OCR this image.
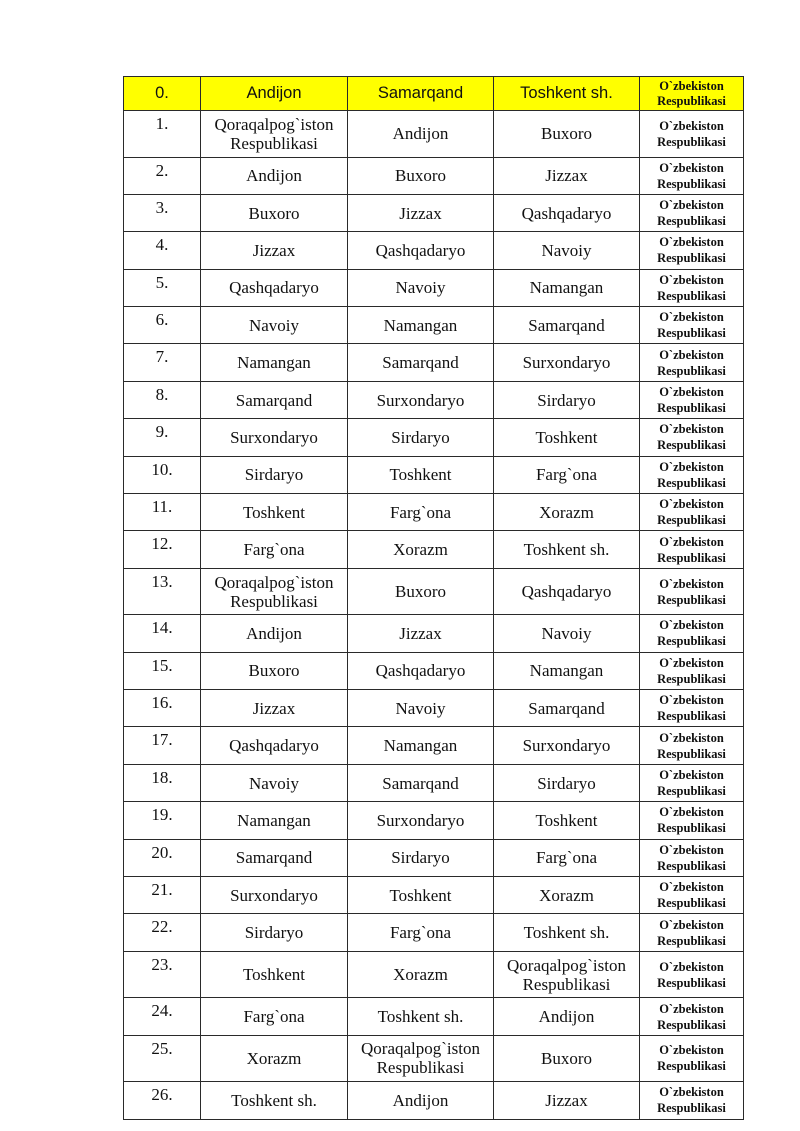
0.	Andijon	Samarqand	Toshkent sh.	O`zbekiston Respublikasi
1.	Qoraqalpog`iston Respublikasi	Andijon	Buxoro	O`zbekiston Respublikasi
2.	Andijon	Buxoro	Jizzax	O`zbekiston Respublikasi
3.	Buxoro	Jizzax	Qashqadaryo	O`zbekiston Respublikasi
4.	Jizzax	Qashqadaryo	Navoiy	O`zbekiston Respublikasi
5.	Qashqadaryo	Navoiy	Namangan	O`zbekiston Respublikasi
6.	Navoiy	Namangan	Samarqand	O`zbekiston Respublikasi
7.	Namangan	Samarqand	Surxondaryo	O`zbekiston Respublikasi
8.	Samarqand	Surxondaryo	Sirdaryo	O`zbekiston Respublikasi
9.	Surxondaryo	Sirdaryo	Toshkent	O`zbekiston Respublikasi
10.	Sirdaryo	Toshkent	Farg`ona	O`zbekiston Respublikasi
11.	Toshkent	Farg`ona	Xorazm	O`zbekiston Respublikasi
12.	Farg`ona	Xorazm	Toshkent sh.	O`zbekiston Respublikasi
13.	Qoraqalpog`iston Respublikasi	Buxoro	Qashqadaryo	O`zbekiston Respublikasi
14.	Andijon	Jizzax	Navoiy	O`zbekiston Respublikasi
15.	Buxoro	Qashqadaryo	Namangan	O`zbekiston Respublikasi
16.	Jizzax	Navoiy	Samarqand	O`zbekiston Respublikasi
17.	Qashqadaryo	Namangan	Surxondaryo	O`zbekiston Respublikasi
18.	Navoiy	Samarqand	Sirdaryo	O`zbekiston Respublikasi
19.	Namangan	Surxondaryo	Toshkent	O`zbekiston Respublikasi
20.	Samarqand	Sirdaryo	Farg`ona	O`zbekiston Respublikasi
21.	Surxondaryo	Toshkent	Xorazm	O`zbekiston Respublikasi
22.	Sirdaryo	Farg`ona	Toshkent sh.	O`zbekiston Respublikasi
23.	Toshkent	Xorazm	Qoraqalpog`iston Respublikasi	O`zbekiston Respublikasi
24.	Farg`ona	Toshkent sh.	Andijon	O`zbekiston Respublikasi
25.	Xorazm	Qoraqalpog`iston Respublikasi	Buxoro	O`zbekiston Respublikasi
26.	Toshkent sh.	Andijon	Jizzax	O`zbekiston Respublikasi
